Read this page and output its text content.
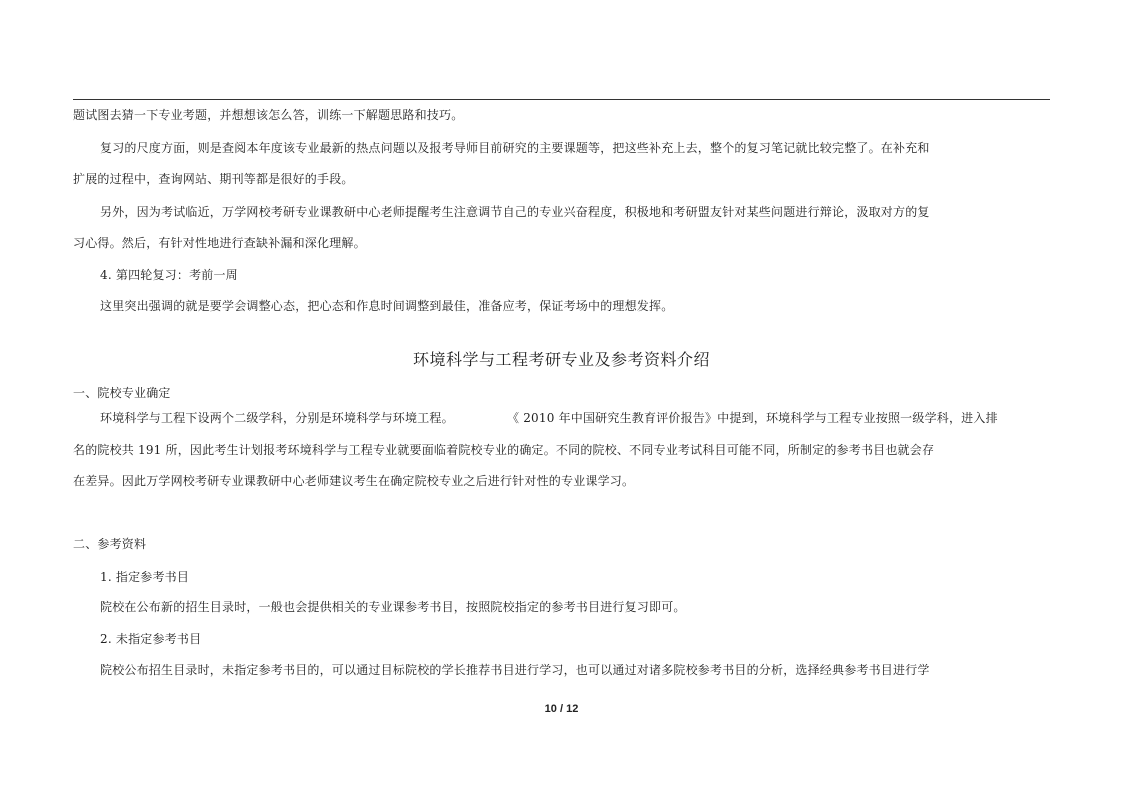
题试图去猜一下专业考题，并想想该怎么答，训练一下解题思路和技巧。
复习的尺度方面，则是查阅本年度该专业最新的热点问题以及报考导师目前研究的主要课题等，把这些补充上去，整个的复习笔记就比较完整了。在补充和
扩展的过程中，查询网站、期刊等都是很好的手段。
另外，因为考试临近，万学网校考研专业课教研中心老师提醒考生注意调节自己的专业兴奋程度，积极地和考研盟友针对某些问题进行辩论，汲取对方的复
习心得。然后，有针对性地进行查缺补漏和深化理解。
4. 第四轮复习：考前一周
这里突出强调的就是要学会调整心态，把心态和作息时间调整到最佳，准备应考，保证考场中的理想发挥。
环境科学与工程考研专业及参考资料介绍
一、院校专业确定
环境科学与工程下设两个二级学科，分别是环境科学与环境工程。	《 2010 年中国研究生教育评价报告》中提到，环境科学与工程专业按照一级学科，进入排
名的院校共 191 所，因此考生计划报考环境科学与工程专业就要面临着院校专业的确定。不同的院校、不同专业考试科目可能不同，所制定的参考书目也就会存
在差异。因此万学网校考研专业课教研中心老师建议考生在确定院校专业之后进行针对性的专业课学习。
二、参考资料
1. 指定参考书目
院校在公布新的招生目录时，一般也会提供相关的专业课参考书目，按照院校指定的参考书目进行复习即可。
2. 未指定参考书目
院校公布招生目录时，未指定参考书目的，可以通过目标院校的学长推荐书目进行学习，也可以通过对诸多院校参考书目的分析，选择经典参考书目进行学
10 / 12
